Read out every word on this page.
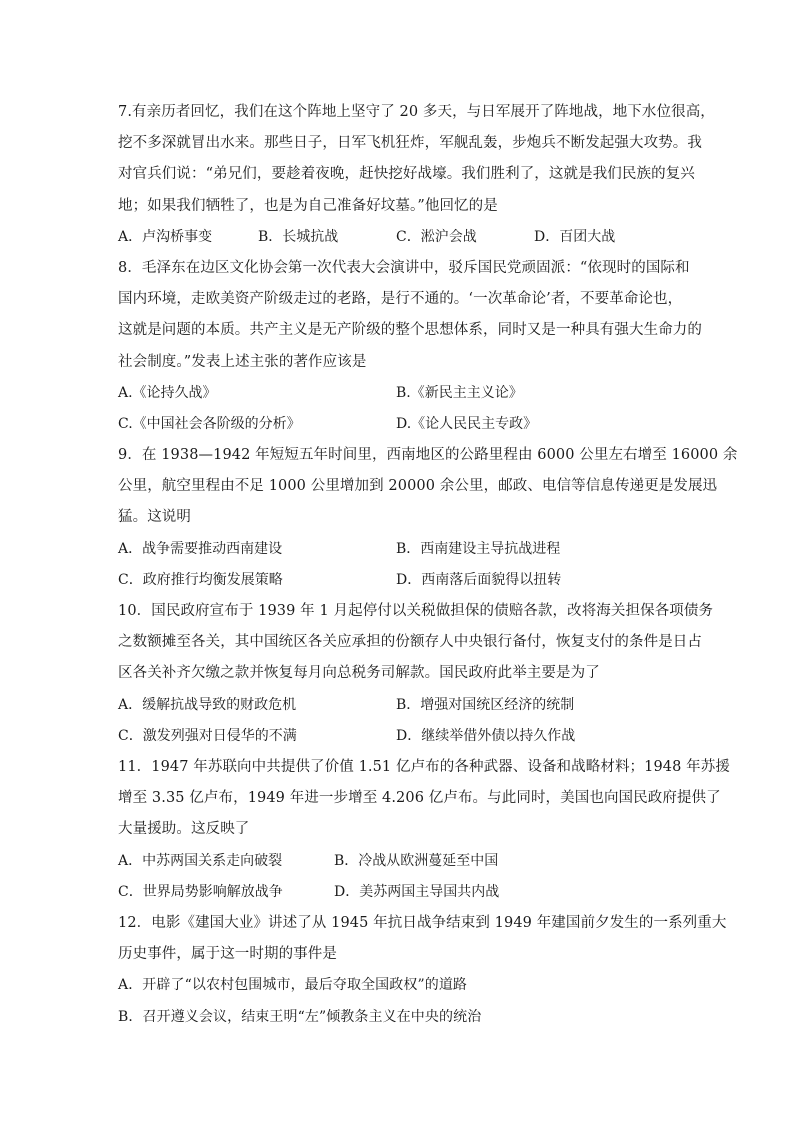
7.有亲历者回忆，我们在这个阵地上坚守了 20 多天，与日军展开了阵地战，地下水位很高，
挖不多深就冒出水来。那些日子，日军飞机狂炸，军舰乱轰，步炮兵不断发起强大攻势。我
对官兵们说：“弟兄们，要趁着夜晚，赶快挖好战壕。我们胜利了，这就是我们民族的复兴
地；如果我们牺牲了，也是为自己准备好坟墓。”他回忆的是
A．卢沟桥事变	B．长城抗战	C．淞沪会战	D．百团大战
8．毛泽东在边区文化协会第一次代表大会演讲中，驳斥国民党顽固派：“依现时的国际和
国内环境，走欧美资产阶级走过的老路，是行不通的。‘一次革命论’者，不要革命论也，
这就是问题的本质。共产主义是无产阶级的整个思想体系，同时又是一种具有强大生命力的
社会制度。”发表上述主张的著作应该是
A.《论持久战》	B.《新民主主义论》
C.《中国社会各阶级的分析》	D.《论人民民主专政》
9．在 1938—1942 年短短五年时间里，西南地区的公路里程由 6000 公里左右增至 16000 余
公里，航空里程由不足 1000 公里增加到 20000 余公里，邮政、电信等信息传递更是发展迅
猛。这说明
A．战争需要推动西南建设	B．西南建设主导抗战进程
C．政府推行均衡发展策略	D．西南落后面貌得以扭转
10．国民政府宣布于 1939 年 1 月起停付以关税做担保的债赔各款，改将海关担保各项债务
之数额摊至各关，其中国统区各关应承担的份额存人中央银行备付，恢复支付的条件是日占
区各关补齐欠缴之款并恢复每月向总税务司解款。国民政府此举主要是为了
A．缓解抗战导致的财政危机	B．增强对国统区经济的统制
C．激发列强对日侵华的不满	D．继续举借外债以持久作战
11．1947 年苏联向中共提供了价值 1.51 亿卢布的各种武器、设备和战略材料；1948 年苏援
增至 3.35 亿卢布，1949 年进一步增至 4.206 亿卢布。与此同时，美国也向国民政府提供了
大量援助。这反映了
A．中苏两国关系走向破裂	B．冷战从欧洲蔓延至中国
C．世界局势影响解放战争	D．美苏两国主导国共内战
12．电影《建国大业》讲述了从 1945 年抗日战争结束到 1949 年建国前夕发生的一系列重大
历史事件，属于这一时期的事件是
A．开辟了“以农村包围城市，最后夺取全国政权”的道路
B．召开遵义会议，结束王明“左”倾教条主义在中央的统治
